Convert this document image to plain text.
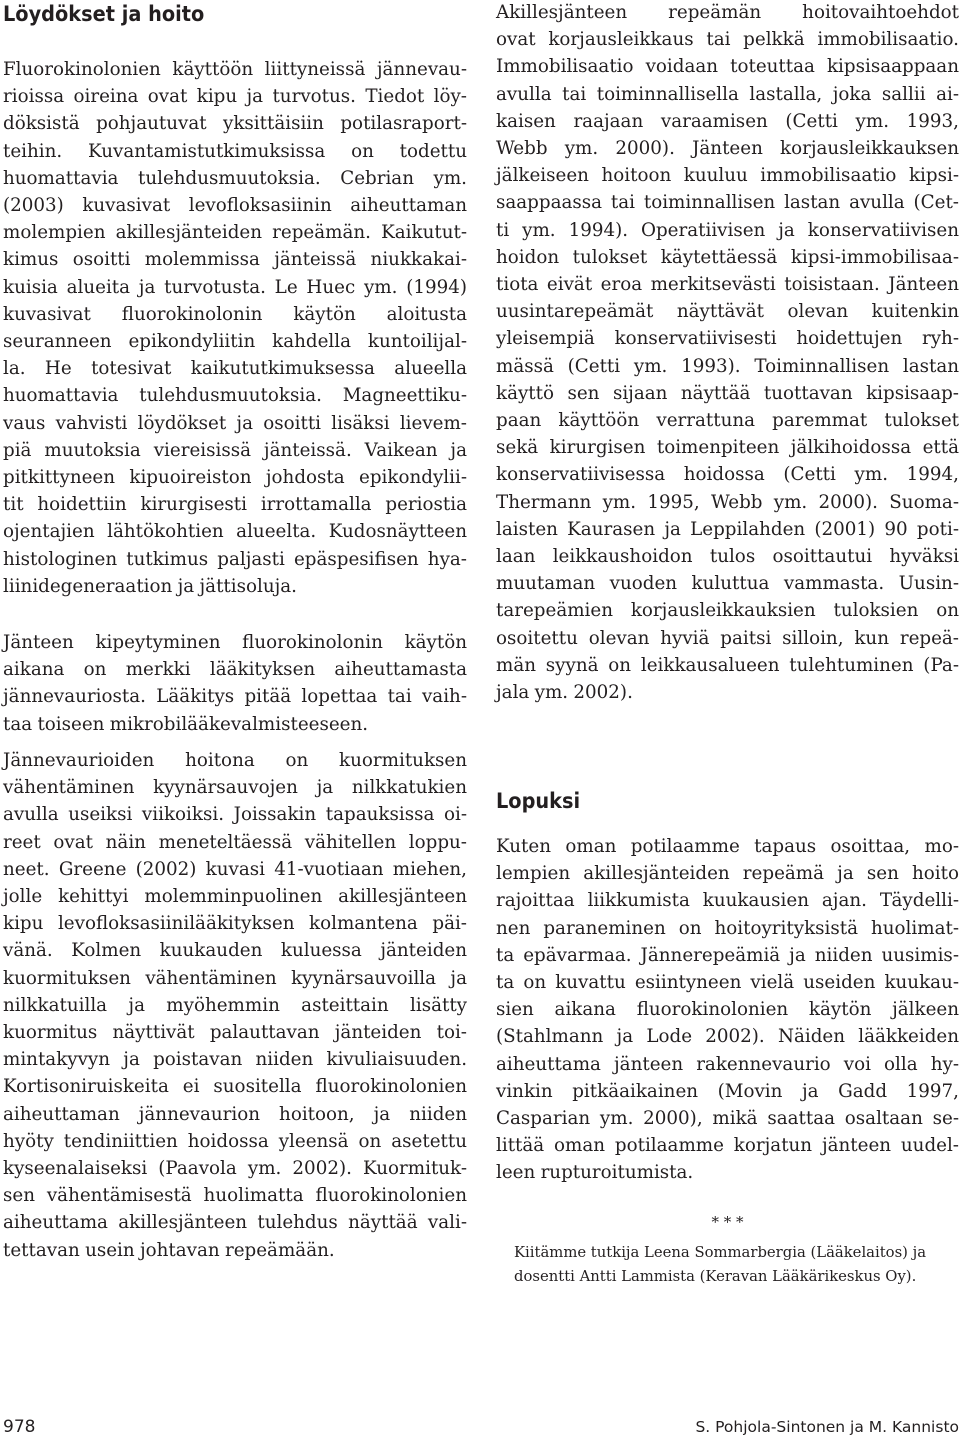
Löydökset ja hoito
Fluorokinolonien käyttöön liittyneissä jännevau-
rioissa oireina ovat kipu ja turvotus. Tiedot löy-
döksistä pohjautuvat yksittäisiin potilasraport-
teihin. Kuvantamistutkimuksissa on todettu
huomattavia tulehdusmuutoksia. Cebrian ym.
(2003) kuvasivat levofloksasiinin aiheuttaman
molempien akillesjänteiden repeämän. Kaikutut-
kimus osoitti molemmissa jänteissä niukkakai-
kuisia alueita ja turvotusta. Le Huec ym. (1994)
kuvasivat fluorokinolonin käytön aloitusta
seuranneen epikondyliitin kahdella kuntoilijal-
la. He totesivat kaikututkimuksessa alueella
huomattavia tulehdusmuutoksia. Magneettiku-
vaus vahvisti löydökset ja osoitti lisäksi lievem-
piä muutoksia viereisissä jänteissä. Vaikean ja
pitkittyneen kipuoireiston johdosta epikondylii-
tit hoidettiin kirurgisesti irrottamalla periostia
ojentajien lähtökohtien alueelta. Kudosnäytteen
histologinen tutkimus paljasti epäspesifisen hya-
liinidegeneraation ja jättisoluja.
Jänteen kipeytyminen fluorokinolonin käytön
aikana on merkki lääkityksen aiheuttamasta
jännevauriosta. Lääkitys pitää lopettaa tai vaih-
taa toiseen mikrobilääkevalmisteeseen.
Jännevaurioiden hoitona on kuormituksen
vähentäminen kyynärsauvojen ja nilkkatukien
avulla useiksi viikoiksi. Joissakin tapauksissa oi-
reet ovat näin meneteltäessä vähitellen loppu-
neet. Greene (2002) kuvasi 41-vuotiaan miehen,
jolle kehittyi molemminpuolinen akillesjänteen
kipu levofloksasiinilääkityksen kolmantena päi-
vänä. Kolmen kuukauden kuluessa jänteiden
kuormituksen vähentäminen kyynärsauvoilla ja
nilkkatuilla ja myöhemmin asteittain lisätty
kuormitus näyttivät palauttavan jänteiden toi-
mintakyvyn ja poistavan niiden kivuliaisuuden.
Kortisoniruiskeita ei suositella fluorokinolonien
aiheuttaman jännevaurion hoitoon, ja niiden
hyöty tendiniittien hoidossa yleensä on asetettu
kyseenalaiseksi (Paavola ym. 2002). Kuormituk-
sen vähentämisestä huolimatta fluorokinolonien
aiheuttama akillesjänteen tulehdus näyttää vali-
tettavan usein johtavan repeämään.
Akillesjänteen repeämän hoitovaihtoehdot
ovat korjausleikkaus tai pelkkä immobilisaatio.
Immobilisaatio voidaan toteuttaa kipsisaappaan
avulla tai toiminnallisella lastalla, joka sallii ai-
kaisen raajaan varaamisen (Cetti ym. 1993,
Webb ym. 2000). Jänteen korjausleikkauksen
jälkeiseen hoitoon kuuluu immobilisaatio kipsi-
saappaassa tai toiminnallisen lastan avulla (Cet-
ti ym. 1994). Operatiivisen ja konservatiivisen
hoidon tulokset käytettäessä kipsi-immobilisaa-
tiota eivät eroa merkitsevästi toisistaan. Jänteen
uusintarepeämät näyttävät olevan kuitenkin
yleisempiä konservatiivisesti hoidettujen ryh-
mässä (Cetti ym. 1993). Toiminnallisen lastan
käyttö sen sijaan näyttää tuottavan kipsisaap-
paan käyttöön verrattuna paremmat tulokset
sekä kirurgisen toimenpiteen jälkihoidossa että
konservatiivisessa hoidossa (Cetti ym. 1994,
Thermann ym. 1995, Webb ym. 2000). Suoma-
laisten Kaurasen ja Leppilahden (2001) 90 poti-
laan leikkaushoidon tulos osoittautui hyväksi
muutaman vuoden kuluttua vammasta. Uusin-
tarepeämien korjausleikkauksien tuloksien on
osoitettu olevan hyviä paitsi silloin, kun repeä-
män syynä on leikkausalueen tulehtuminen (Pa-
jala ym. 2002).
Lopuksi
Kuten oman potilaamme tapaus osoittaa, mo-
lempien akillesjänteiden repeämä ja sen hoito
rajoittaa liikkumista kuukausien ajan. Täydelli-
nen paraneminen on hoitoyrityksistä huolimat-
ta epävarmaa. Jännerepeämiä ja niiden uusimis-
ta on kuvattu esiintyneen vielä useiden kuukau-
sien aikana fluorokinolonien käytön jälkeen
(Stahlmann ja Lode 2002). Näiden lääkkeiden
aiheuttama jänteen rakennevaurio voi olla hy-
vinkin pitkäaikainen (Movin ja Gadd 1997,
Casparian ym. 2000), mikä saattaa osaltaan se-
littää oman potilaamme korjatun jänteen uudel-
leen rupturoitumista.
* * *
Kiitämme tutkija Leena Sommarbergia (Lääkelaitos) ja
dosentti Antti Lammista (Keravan Lääkärikeskus Oy).
978	S. Pohjola-Sintonen ja M. Kannisto
